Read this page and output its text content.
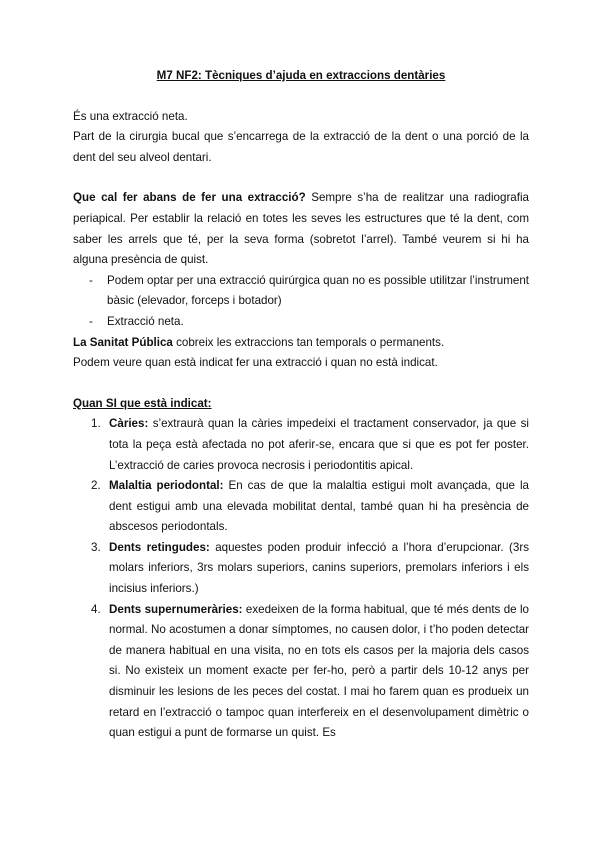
M7 NF2: Tècniques d’ajuda en extraccions dentàries

És una extracció neta.

Part de la cirurgia bucal que s’encarrega de la extracció de la dent o una porció de la dent del seu alveol dentari.

Que cal fer abans de fer una extracció? Sempre s’ha de realitzar una radiografia periapical. Per establir la relació en totes les seves les estructures que té la dent, com saber les arrels que té, per la seva forma (sobretot l’arrel). També veurem si hi ha alguna presència de quist.

-	Podem optar per una extracció quirúrgica quan no es possible utilitzar l’instrument bàsic (elevador, forceps i botador)
-	Extracció neta.

La Sanitat Pública cobreix les extraccions tan temporals o permanents.

Podem veure quan està indicat fer una extracció i quan no està indicat.

Quan SI que està indicat:

1. Càries: s’extraurà quan la càries impedeixi el tractament conservador, ja que si tota la peça està afectada no pot aferir-se, encara que si que es pot fer poster. L’extracció de caries provoca necrosis i periodontitis apical.
2. Malaltia periodontal: En cas de que la malaltia estigui molt avançada, que la dent estigui amb una elevada mobilitat dental, també quan hi ha presència de abscesos periodontals.
3. Dents retingudes: aquestes poden produir infecció a l’hora d’erupcionar. (3rs molars inferiors, 3rs molars superiors, canins superiors, premolars inferiors i els incisius inferiors.)
4. Dents supernumeràries: exedeixen de la forma habitual, que té més dents de lo normal. No acostumen a donar símptomes, no causen dolor, i t’ho poden detectar de manera habitual en una visita, no en tots els casos per la majoria dels casos si. No existeix un moment exacte per fer-ho, però a partir dels 10-12 anys per disminuir les lesions de les peces del costat. I mai ho farem quan es produeix un retard en l’extracció o tampoc quan interfereix en el desenvolupament dimètric o quan estigui a punt de formarse un quist. Es
